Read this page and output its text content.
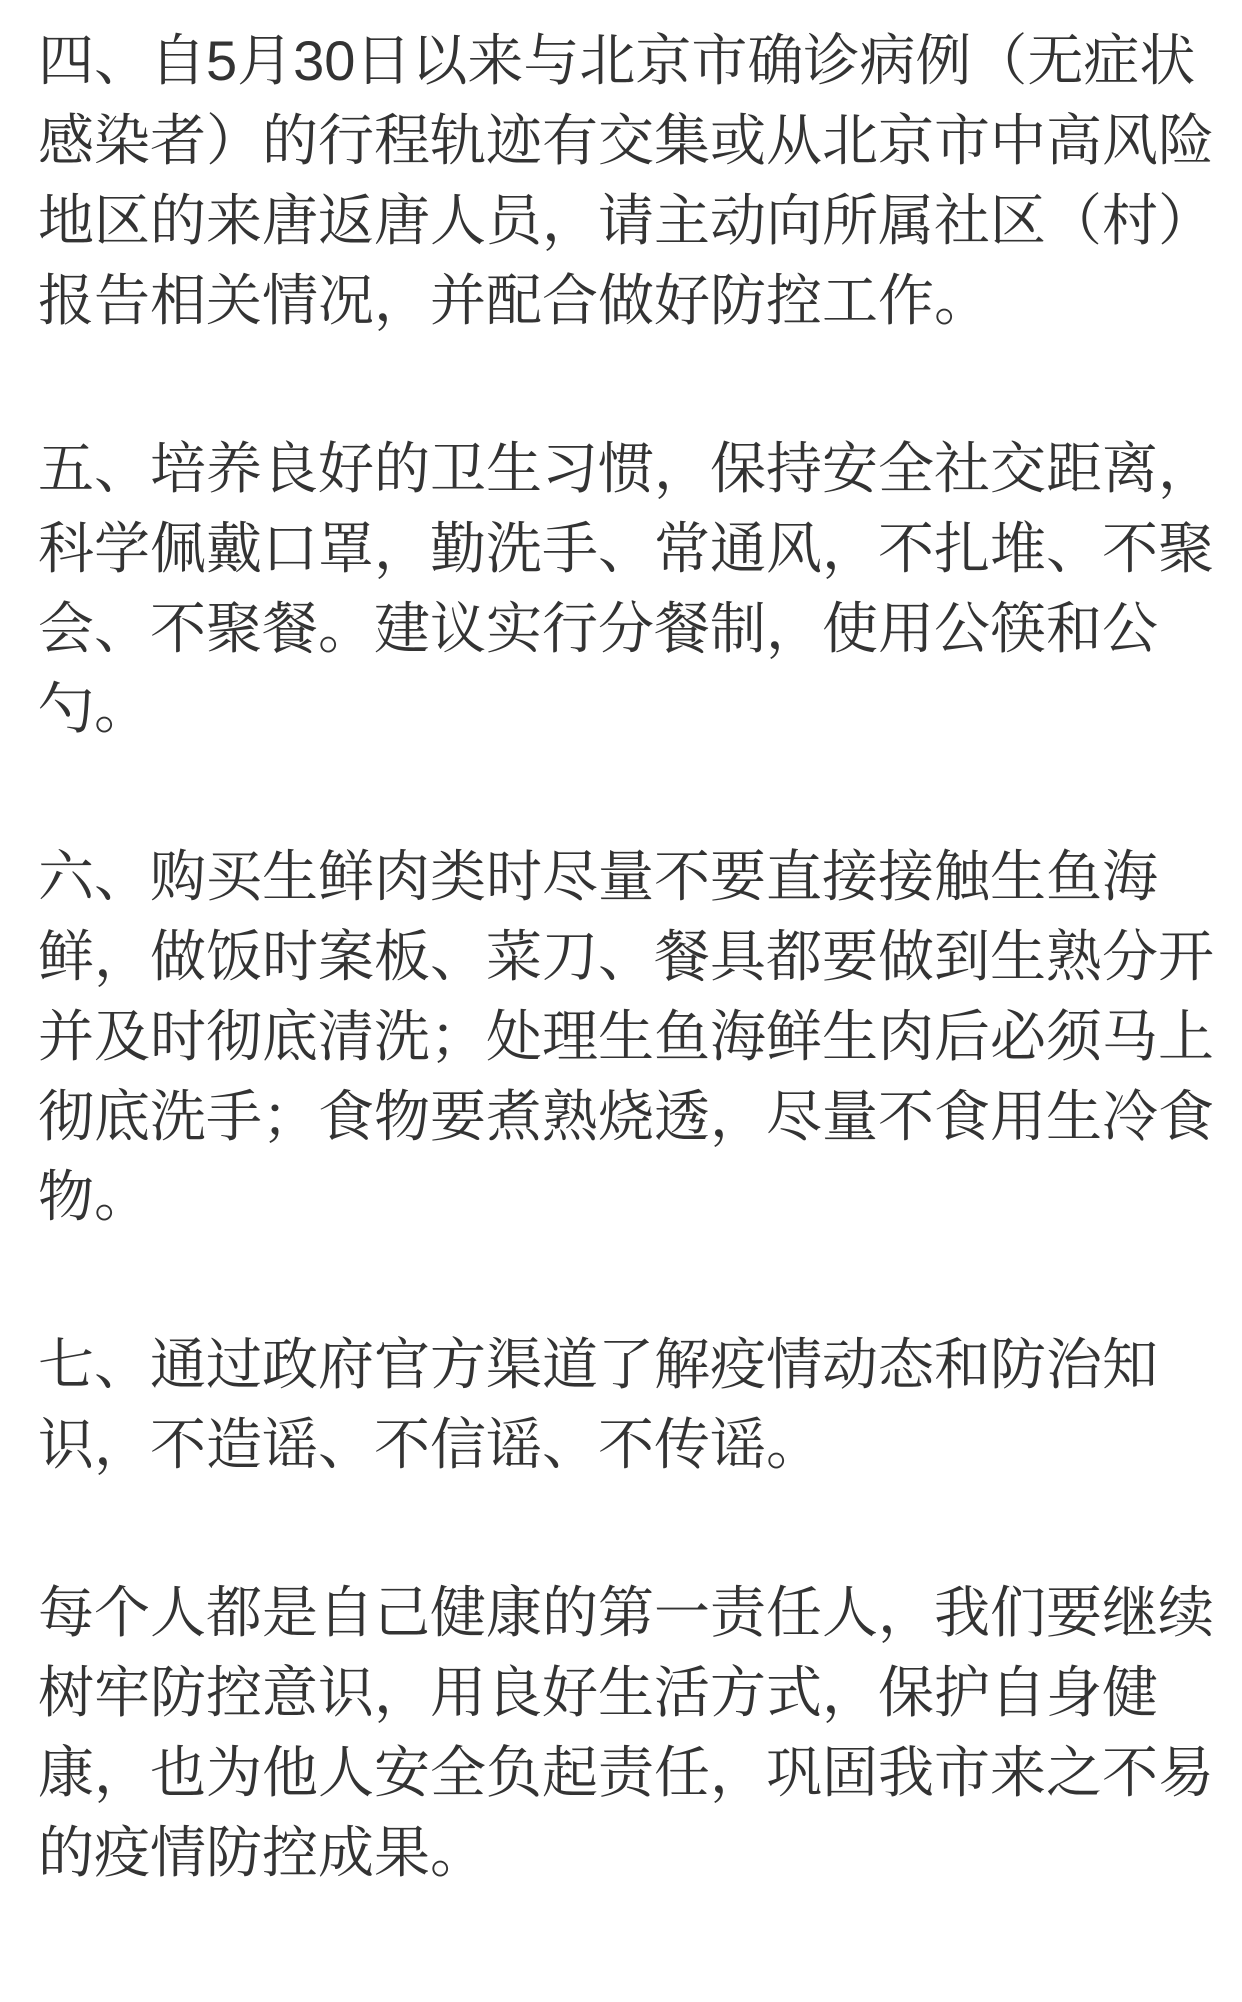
四、自5月30日以来与北京市确诊病例（无症状
感染者）的行程轨迹有交集或从北京市中高风险
地区的来唐返唐人员，请主动向所属社区（村）
报告相关情况，并配合做好防控工作。
五、培养良好的卫生习惯，保持安全社交距离，
科学佩戴口罩，勤洗手、常通风，不扎堆、不聚
会、不聚餐。建议实行分餐制，使用公筷和公
勺。
六、购买生鲜肉类时尽量不要直接接触生鱼海
鲜，做饭时案板、菜刀、餐具都要做到生熟分开
并及时彻底清洗；处理生鱼海鲜生肉后必须马上
彻底洗手；食物要煮熟烧透，尽量不食用生冷食
物。
七、通过政府官方渠道了解疫情动态和防治知
识，不造谣、不信谣、不传谣。
每个人都是自己健康的第一责任人，我们要继续
树牢防控意识，用良好生活方式，保护自身健
康，也为他人安全负起责任，巩固我市来之不易
的疫情防控成果。
